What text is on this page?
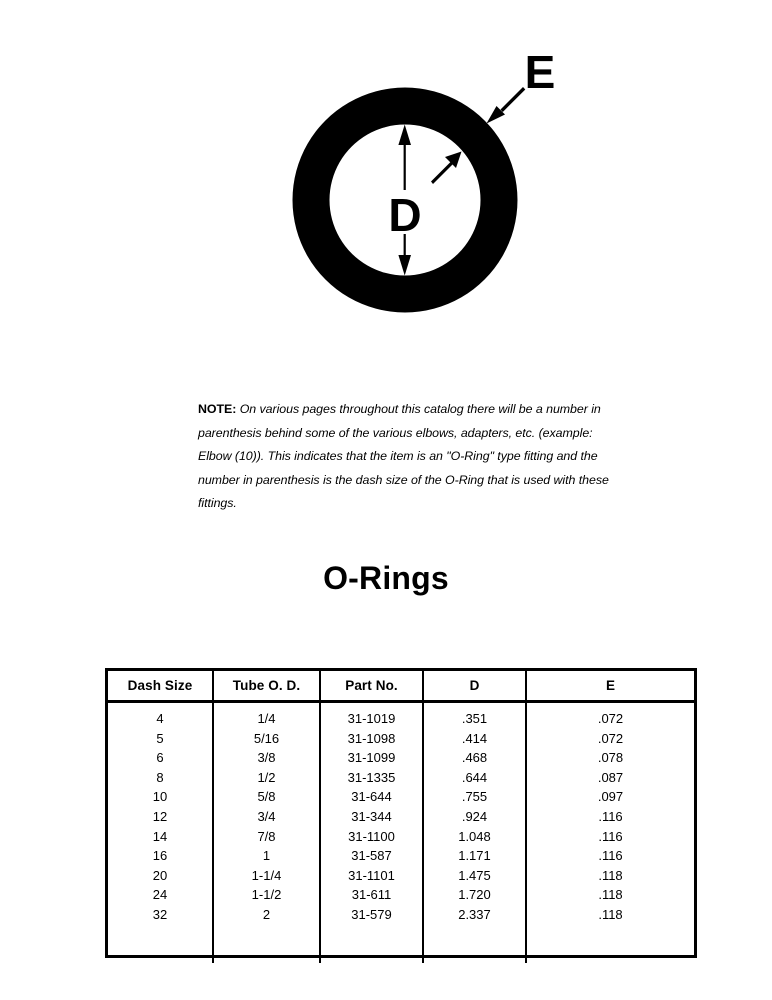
D
E
NOTE: On various pages throughout this catalog there will be a number in parenthesis behind some of the various elbows, adapters, etc. (example: Elbow (10)). This indicates that the item is an "O-Ring" type fitting and the number in parenthesis is the dash size of the O-Ring that is used with these fittings.
O-Rings
Dash Size	Tube O. D.	Part No.	D	E
4	1/4	31-1019	.351	.072
5	5/16	31-1098	.414	.072
6	3/8	31-1099	.468	.078
8	1/2	31-1335	.644	.087
10	5/8	31-644	.755	.097
12	3/4	31-344	.924	.116
14	7/8	31-1100	1.048	.116
16	1	31-587	1.171	.116
20	1-1/4	31-1101	1.475	.118
24	1-1/2	31-611	1.720	.118
32	2	31-579	2.337	.118
